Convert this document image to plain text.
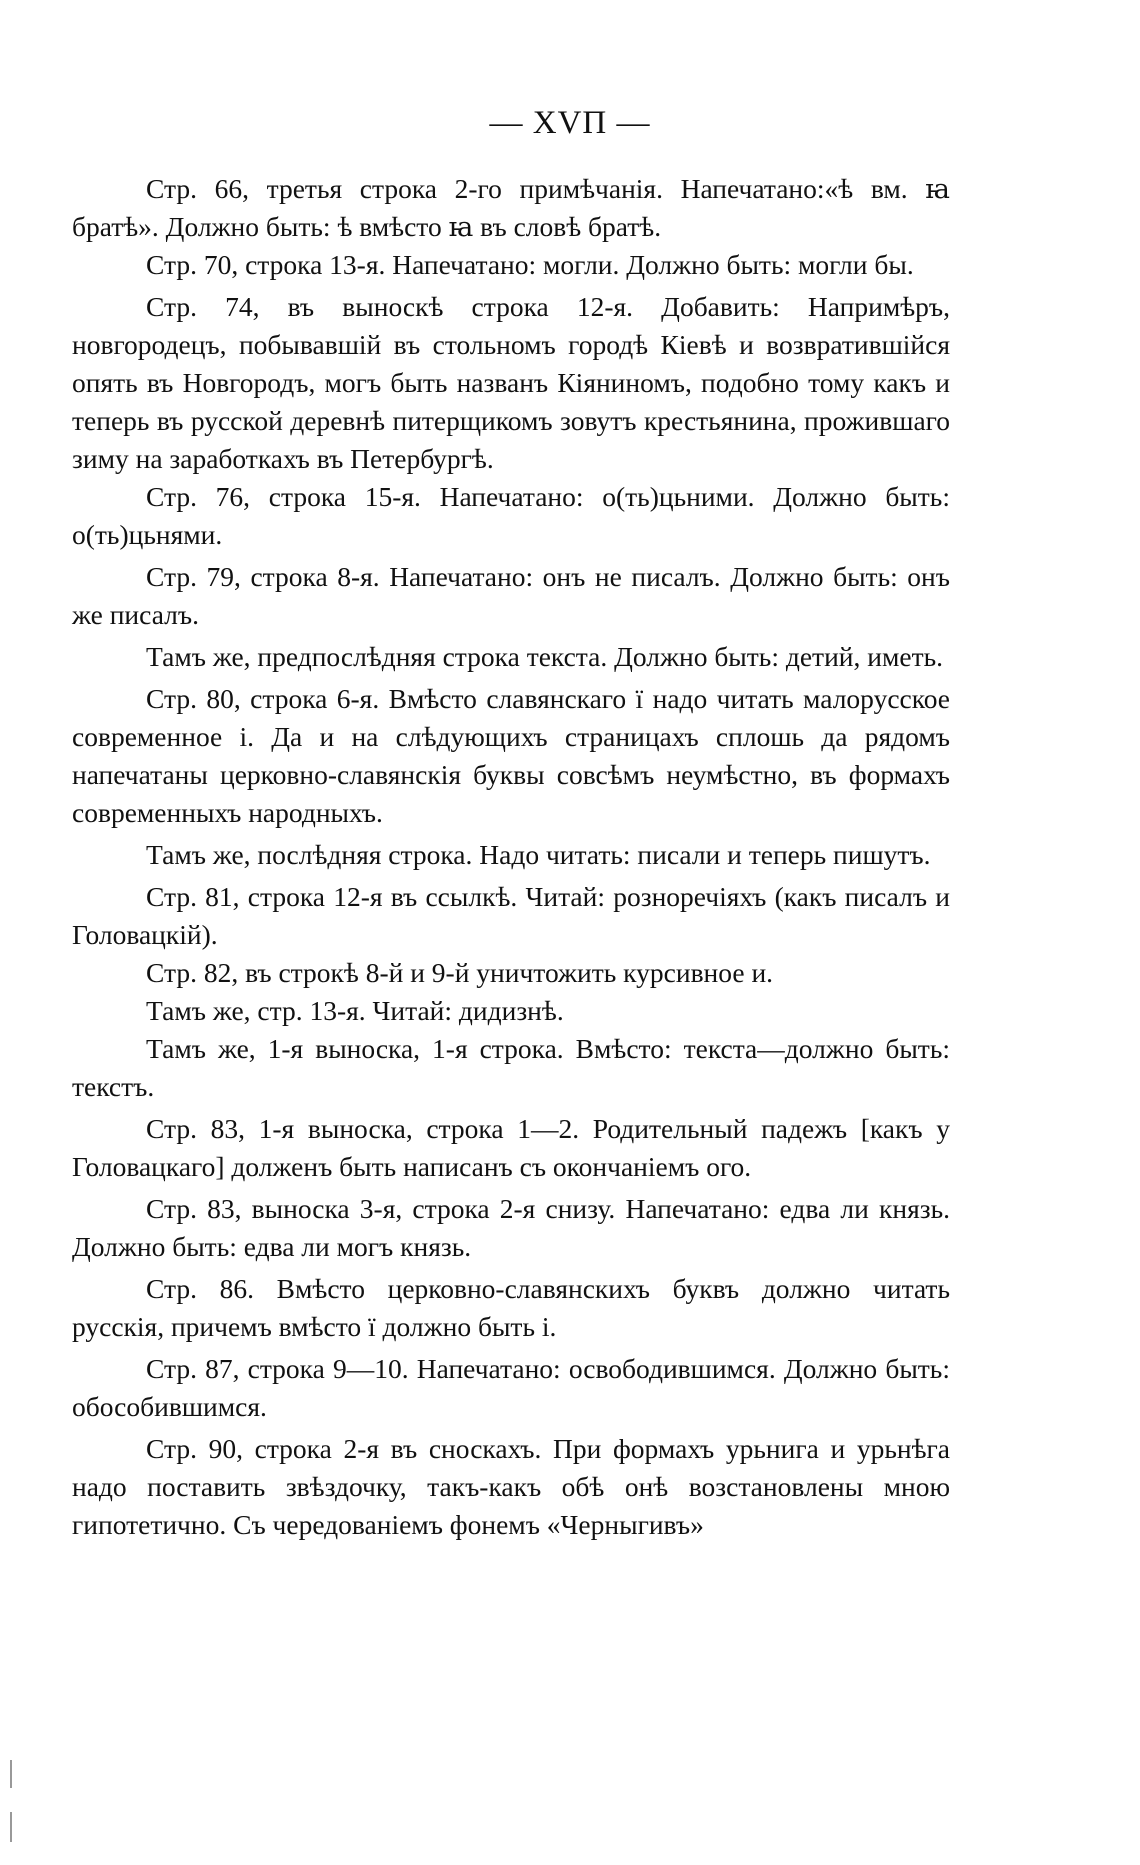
— XVП —

Стр. 66, третья строка 2-го примѣчанія. Напечатано:«ѣ вм. ꙗ братѣ». Должно быть: ѣ вмѣсто ꙗ въ словѣ братѣ.

Стр. 70, строка 13-я. Напечатано: могли. Должно быть: могли бы.

Стр. 74, въ выноскѣ строка 12-я. Добавить: Напримѣръ, новгородецъ, побывавшій въ стольномъ городѣ Кіевѣ и возвратившійся опять въ Новгородъ, могъ быть названъ Кіяниномъ, подобно тому какъ и теперь въ русской деревнѣ питерщикомъ зовутъ крестьянина, прожившаго зиму на заработкахъ въ Петербургѣ.

Стр. 76, строка 15-я. Напечатано: о(ть)цьними. Должно быть: о(ть)цьнями.

Стр. 79, строка 8-я. Напечатано: онъ не писалъ. Должно быть: онъ же писалъ.

Тамъ же, предпослѣдняя строка текста. Должно быть: детий, иметь.

Стр. 80, строка 6-я. Вмѣсто славянскаго ї надо читать малорусское современное і. Да и на слѣдующихъ страницахъ сплошь да рядомъ напечатаны церковно-славянскія буквы совсѣмъ неумѣстно, въ формахъ современныхъ народныхъ.

Тамъ же, послѣдняя строка. Надо читать: писали и теперь пишутъ.

Стр. 81, строка 12-я въ ссылкѣ. Читай: розноречіяхъ (какъ писалъ и Головацкій).

Стр. 82, въ строкѣ 8-й и 9-й уничтожить курсивное и.

Тамъ же, стр. 13-я. Читай: дидизнѣ.

Тамъ же, 1-я выноска, 1-я строка. Вмѣсто: текста—должно быть: текстъ.

Стр. 83, 1-я выноска, строка 1—2. Родительный падежъ [какъ у Головацкаго] долженъ быть написанъ съ окончаніемъ ого.

Стр. 83, выноска 3-я, строка 2-я снизу. Напечатано: едва ли князь. Должно быть: едва ли могъ князь.

Стр. 86. Вмѣсто церковно-славянскихъ буквъ должно читать русскія, причемъ вмѣсто ї должно быть і.

Стр. 87, строка 9—10. Напечатано: освободившимся. Должно быть: обособившимся.

Стр. 90, строка 2-я въ сноскахъ. При формахъ урьнига и урьнѣга надо поставить звѣздочку, такъ-какъ обѣ онѣ возстановлены мною гипотетично. Съ чередованіемъ фонемъ «Черныгивъ»
